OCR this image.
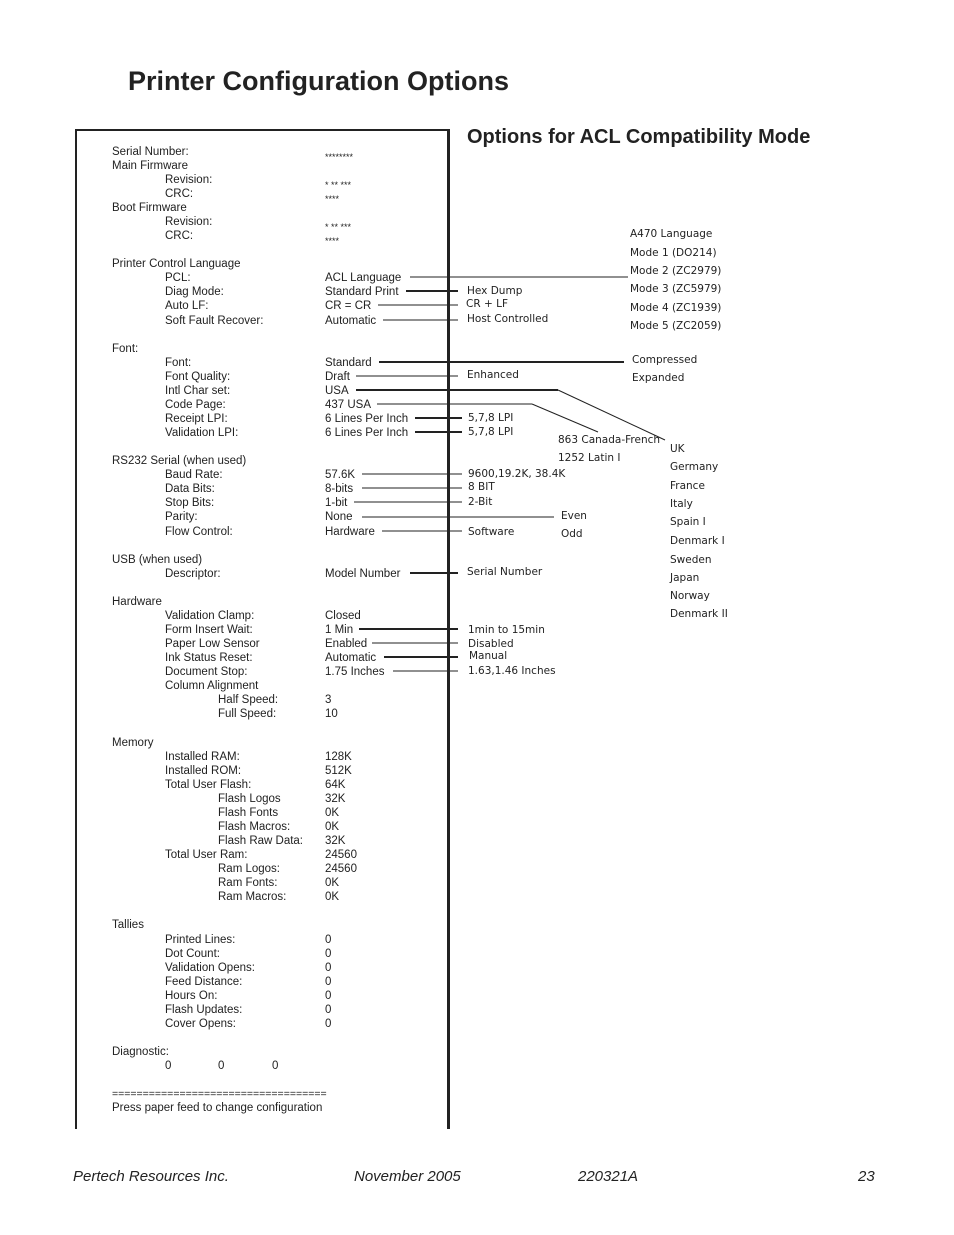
Printer Configuration Options
Options for ACL Compatibility Mode
Serial Number:	********
Main Firmware
Revision:	* ** ***
CRC:	****
Boot Firmware
Revision:	* ** ***
CRC:	****
Printer Control Language
PCL:	ACL Language
Diag Mode:	Standard Print
Auto LF:	CR = CR
Soft Fault Recover:	Automatic
Font:
Font:	Standard
Font Quality:	Draft
Intl Char set:	USA
Code Page:	437 USA
Receipt LPI:	6 Lines Per Inch
Validation LPI:	6 Lines Per Inch
RS232 Serial (when used)
Baud Rate:	57.6K
Data Bits:	8-bits
Stop Bits:	1-bit
Parity:	None
Flow Control:	Hardware
USB (when used)
Descriptor:	Model Number
Hardware
Validation Clamp:	Closed
Form Insert Wait:	1 Min
Paper Low Sensor	Enabled
Ink Status Reset:	Automatic
Document Stop:	1.75 Inches
Column Alignment
Half Speed:	3
Full Speed:	10
Memory
Installed RAM:	128K
Installed ROM:	512K
Total User Flash:	64K
Flash Logos	32K
Flash Fonts	0K
Flash Macros:	0K
Flash Raw Data: 32K
Total User Ram:	24560
Ram Logos:	24560
Ram Fonts:	0K
Ram Macros:	0K
Tallies
Printed Lines:	0
Dot Count:	0
Validation Opens:	0
Feed Distance:	0
Hours On:	0
Flash Updates:	0
Cover Opens:	0
Diagnostic:
0	0	0
===================================
Press paper feed to change configuration
A470 Language
Mode 1 (DO214)
Mode 2 (ZC2979)
Mode 3 (ZC5979)
Mode 4 (ZC1939)
Mode 5 (ZC2059)
Hex Dump
CR + LF
Host Controlled
Compressed
Expanded
Enhanced
5,7,8 LPI
5,7,8 LPI
863 Canada-French
1252 Latin I
UK
Germany
France
Italy
Spain I
Denmark I
Sweden
Japan
Norway
Denmark II
9600,19.2K, 38.4K
8 BIT
2-Bit
Even
Odd
Software
Serial Number
1min to 15min
Disabled
Manual
1.63,1.46 Inches
Pertech Resources Inc.	November 2005	220321A	23
